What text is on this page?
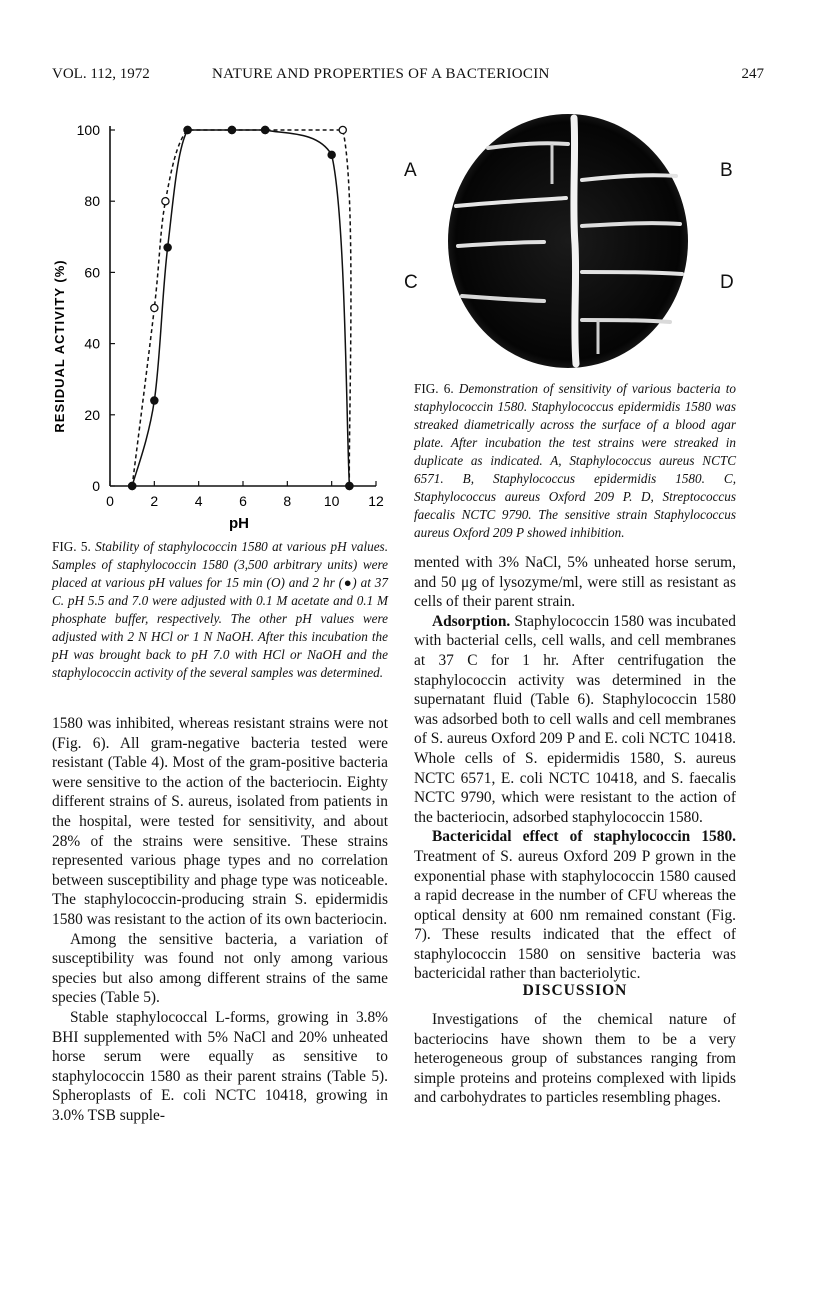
VOL. 112, 1972	NATURE AND PROPERTIES OF A BACTERIOCIN	247
0	2	4	6	8 10 12
0
20
40
60
80
100
RESIDUAL ACTIVITY (%)
pH
FIG. 5. Stability of staphylococcin 1580 at various pH values. Samples of staphylococcin 1580 (3,500 arbitrary units) were placed at various pH values for 15 min (O) and 2 hr (●) at 37 C. pH 5.5 and 7.0 were adjusted with 0.1 M acetate and 0.1 M phosphate buffer, respectively. The other pH values were adjusted with 2 N HCl or 1 N NaOH. After this incubation the pH was brought back to pH 7.0 with HCl or NaOH and the staphylococcin activity of the several samples was determined.

1580 was inhibited, whereas resistant strains were not (Fig. 6). All gram-negative bacteria tested were resistant (Table 4). Most of the gram-positive bacteria were sensitive to the action of the bacteriocin. Eighty different strains of S. aureus, isolated from patients in the hospital, were tested for sensitivity, and about 28% of the strains were sensitive. These strains represented various phage types and no correlation between susceptibility and phage type was noticeable. The staphylococcin-producing strain S. epidermidis 1580 was resistant to the action of its own bacteriocin.

Among the sensitive bacteria, a variation of susceptibility was found not only among various species but also among different strains of the same species (Table 5).

Stable staphylococcal L-forms, growing in 3.8% BHI supplemented with 5% NaCl and 20% unheated horse serum were equally as sensitive to staphylococcin 1580 as their parent strains (Table 5). Spheroplasts of E. coli NCTC 10418, growing in 3.0% TSB supple-

A	B
C	D
FIG. 6. Demonstration of sensitivity of various bacteria to staphylococcin 1580. Staphylococcus epidermidis 1580 was streaked diametrically across the surface of a blood agar plate. After incubation the test strains were streaked in duplicate as indicated. A, Staphylococcus aureus NCTC 6571. B, Staphylococcus epidermidis 1580. C, Staphylococcus aureus Oxford 209 P. D, Streptococcus faecalis NCTC 9790. The sensitive strain Staphylococcus aureus Oxford 209 P showed inhibition.

mented with 3% NaCl, 5% unheated horse serum, and 50 μg of lysozyme/ml, were still as resistant as cells of their parent strain.

Adsorption. Staphylococcin 1580 was incubated with bacterial cells, cell walls, and cell membranes at 37 C for 1 hr. After centrifugation the staphylococcin activity was determined in the supernatant fluid (Table 6). Staphylococcin 1580 was adsorbed both to cell walls and cell membranes of S. aureus Oxford 209 P and E. coli NCTC 10418. Whole cells of S. epidermidis 1580, S. aureus NCTC 6571, E. coli NCTC 10418, and S. faecalis NCTC 9790, which were resistant to the action of the bacteriocin, adsorbed staphylococcin 1580.

Bactericidal effect of staphylococcin 1580. Treatment of S. aureus Oxford 209 P grown in the exponential phase with staphylococcin 1580 caused a rapid decrease in the number of CFU whereas the optical density at 600 nm remained constant (Fig. 7). These results indicated that the effect of staphylococcin 1580 on sensitive bacteria was bactericidal rather than bacteriolytic.

DISCUSSION

Investigations of the chemical nature of bacteriocins have shown them to be a very heterogeneous group of substances ranging from simple proteins and proteins complexed with lipids and carbohydrates to particles resembling phages.
